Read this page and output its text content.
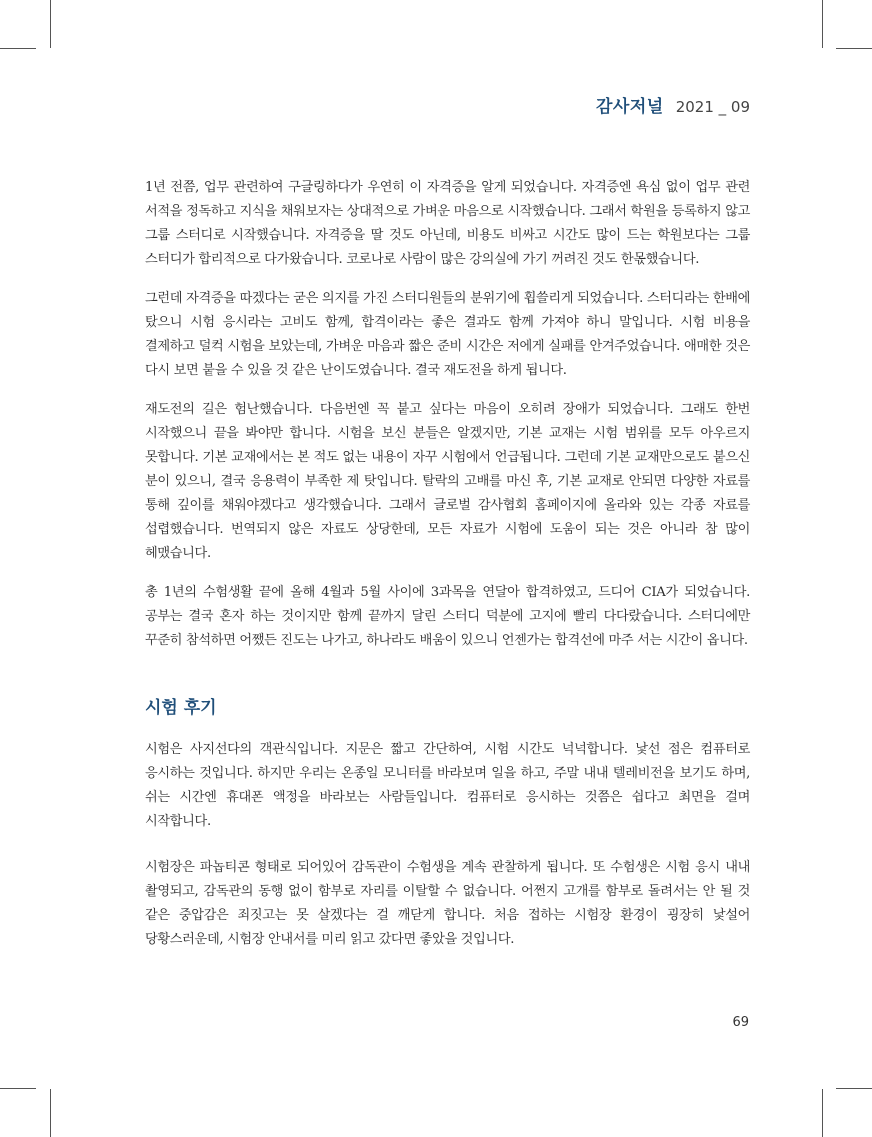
감사저널 2021 _ 09

1년 전쯤, 업무 관련하여 구글링하다가 우연히 이 자격증을 알게 되었습니다. 자격증엔 욕심 없이 업무 관련 서적을 정독하고 지식을 채워보자는 상대적으로 가벼운 마음으로 시작했습니다. 그래서 학원을 등록하지 않고 그룹 스터디로 시작했습니다. 자격증을 딸 것도 아닌데, 비용도 비싸고 시간도 많이 드는 학원보다는 그룹 스터디가 합리적으로 다가왔습니다. 코로나로 사람이 많은 강의실에 가기 꺼려진 것도 한몫했습니다.

그런데 자격증을 따겠다는 굳은 의지를 가진 스터디원들의 분위기에 휩쓸리게 되었습니다. 스터디라는 한배에 탔으니 시험 응시라는 고비도 함께, 합격이라는 좋은 결과도 함께 가져야 하니 말입니다. 시험 비용을 결제하고 덜컥 시험을 보았는데, 가벼운 마음과 짧은 준비 시간은 저에게 실패를 안겨주었습니다. 애매한 것은 다시 보면 붙을 수 있을 것 같은 난이도였습니다. 결국 재도전을 하게 됩니다.

재도전의 길은 험난했습니다. 다음번엔 꼭 붙고 싶다는 마음이 오히려 장애가 되었습니다. 그래도 한번 시작했으니 끝을 봐야만 합니다. 시험을 보신 분들은 알겠지만, 기본 교재는 시험 범위를 모두 아우르지 못합니다. 기본 교재에서는 본 적도 없는 내용이 자꾸 시험에서 언급됩니다. 그런데 기본 교재만으로도 붙으신 분이 있으니, 결국 응용력이 부족한 제 탓입니다. 탈락의 고배를 마신 후, 기본 교재로 안되면 다양한 자료를 통해 깊이를 채워야겠다고 생각했습니다. 그래서 글로벌 감사협회 홈페이지에 올라와 있는 각종 자료를 섭렵했습니다. 번역되지 않은 자료도 상당한데, 모든 자료가 시험에 도움이 되는 것은 아니라 참 많이 헤맸습니다.

총 1년의 수험생활 끝에 올해 4월과 5월 사이에 3과목을 연달아 합격하였고, 드디어 CIA가 되었습니다. 공부는 결국 혼자 하는 것이지만 함께 끝까지 달린 스터디 덕분에 고지에 빨리 다다랐습니다. 스터디에만 꾸준히 참석하면 어쨌든 진도는 나가고, 하나라도 배움이 있으니 언젠가는 합격선에 마주 서는 시간이 옵니다.

시험 후기

시험은 사지선다의 객관식입니다. 지문은 짧고 간단하여, 시험 시간도 넉넉합니다. 낯선 점은 컴퓨터로 응시하는 것입니다. 하지만 우리는 온종일 모니터를 바라보며 일을 하고, 주말 내내 텔레비전을 보기도 하며, 쉬는 시간엔 휴대폰 액정을 바라보는 사람들입니다. 컴퓨터로 응시하는 것쯤은 쉽다고 최면을 걸며 시작합니다.

시험장은 파놉티콘 형태로 되어있어 감독관이 수험생을 계속 관찰하게 됩니다. 또 수험생은 시험 응시 내내 촬영되고, 감독관의 동행 없이 함부로 자리를 이탈할 수 없습니다. 어쩐지 고개를 함부로 돌려서는 안 될 것 같은 중압감은 죄짓고는 못 살겠다는 걸 깨닫게 합니다. 처음 접하는 시험장 환경이 굉장히 낯설어 당황스러운데, 시험장 안내서를 미리 읽고 갔다면 좋았을 것입니다.

69
